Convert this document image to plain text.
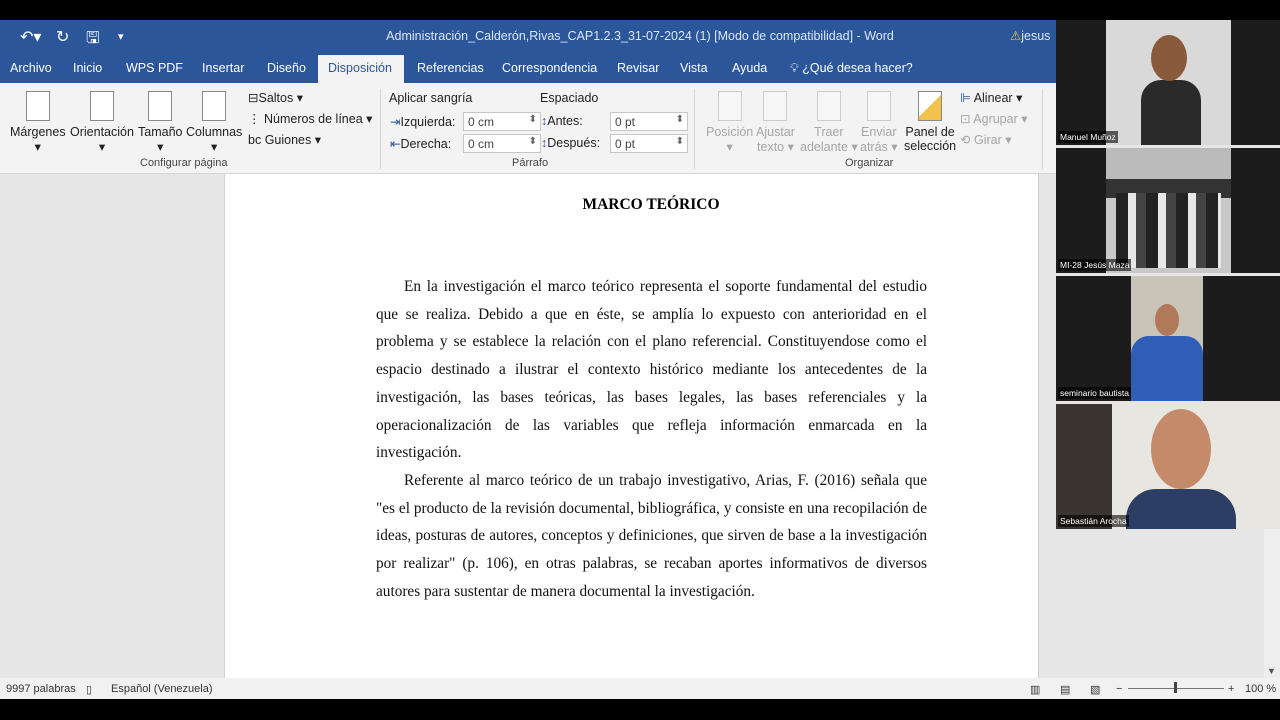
↶▾ ↻ 🖫 ▾	Administración_Calderón,Rivas_CAP1.2.3_31-07-2024 (1) [Modo de compatibilidad] - Word	⚠jesus
Archivo	Inicio	WPS PDF	Insertar	Diseño	Disposición	Referencias	Correspondencia	Revisar	Vista	Ayuda	💡︎ ¿Qué desea hacer?
Márgenes
▾
Orientación
▾
Tamaño
▾
Columnas
▾
⊟Saltos ▾
⋮ Números de línea ▾
bc Guiones ▾
Configurar página
Aplicar sangría	Espaciado
⇥Izquierda:	0 cm ⬍
⇤Derecha:	0 cm ⬍
↕Antes:	0 pt ⬍
↕Después:	0 pt ⬍
Párrafo
Posición
▾
Ajustar
texto ▾
Traer
adelante ▾
Enviar
atrás ▾
Panel de
selección
⊫ Alinear ▾
⊡ Agrupar ▾
⟲ Girar ▾
Organizar
MARCO TEÓRICO

En la investigación el marco teórico representa el soporte fundamental del estudio que se realiza. Debido a que en éste, se amplía lo expuesto con anterioridad en el problema y se establece la relación con el plano referencial. Constituyendose como el espacio destinado a ilustrar el contexto histórico mediante los antecedentes de la investigación, las bases teóricas, las bases legales, las bases referenciales y la operacionalización de las variables que refleja información enmarcada en la investigación.

Referente al marco teórico de un trabajo investigativo, Arias, F. (2016) señala que "es el producto de la revisión documental, bibliográfica, y consiste en una recopilación de ideas, posturas de autores, conceptos y definiciones, que sirven de base a la investigación por realizar" (p. 106), en otras palabras, se recaban aportes informativos de diversos autores para sustentar de manera documental la investigación.

Manuel Muñoz
MI-28 Jesús Maza
seminario bautista
Sebastián Arocha
▼
9997 palabras ▯ Español (Venezuela)	▥ ▤ ▧ −	+ 100 %
